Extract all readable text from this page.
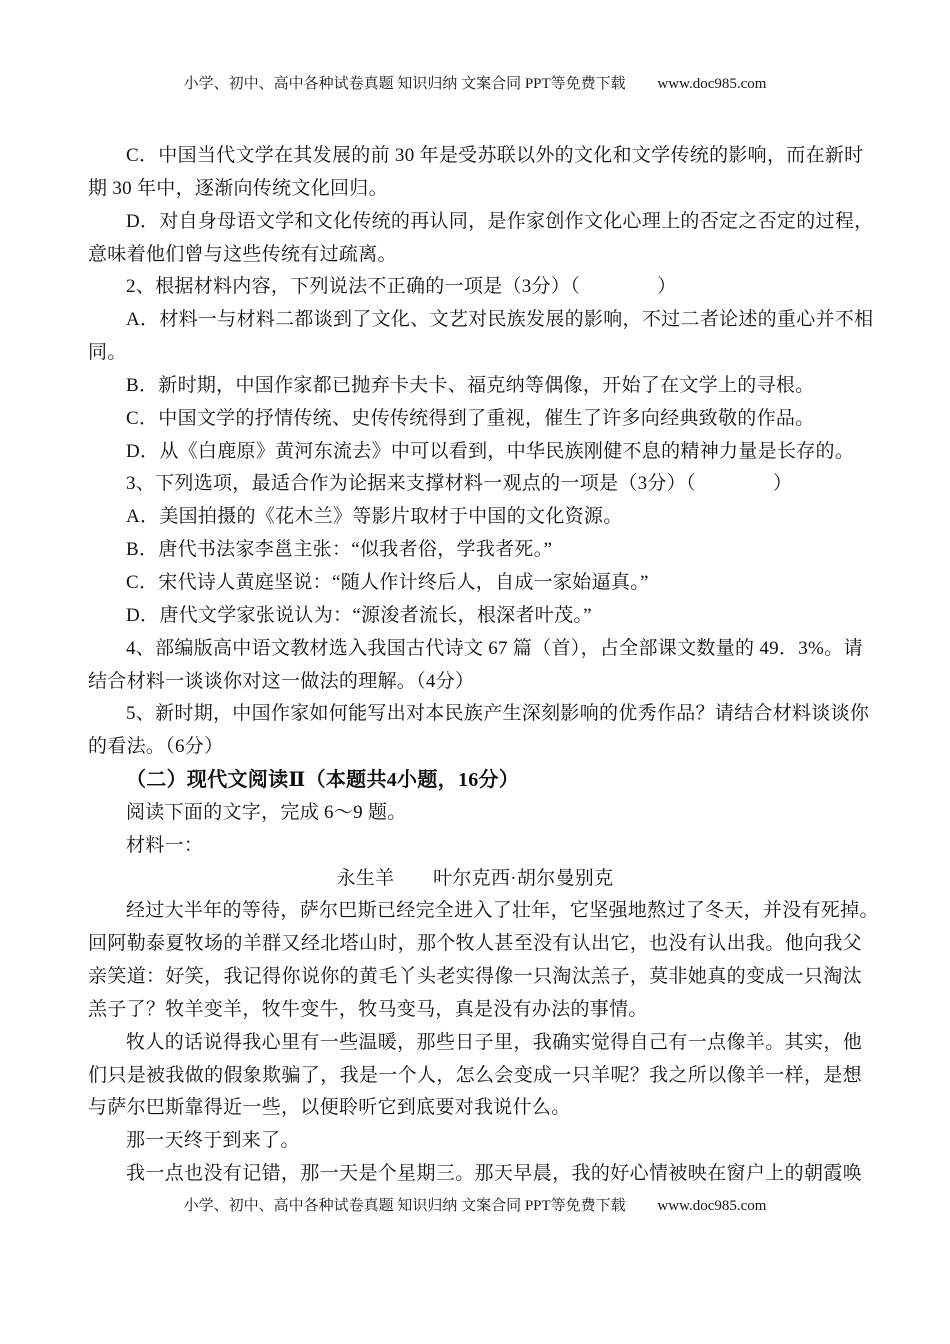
小学、初中、高中各种试卷真题 知识归纳 文案合同 PPT等免费下载 www.doc985.com
C．中国当代文学在其发展的前 30 年是受苏联以外的文化和文学传统的影响，而在新时
期 30 年中，逐渐向传统文化回归。
D．对自身母语文学和文化传统的再认同，是作家创作文化心理上的否定之否定的过程，
意味着他们曾与这些传统有过疏离。
2、根据材料内容，下列说法不正确的一项是（3分）（　　　　）
A．材料一与材料二都谈到了文化、文艺对民族发展的影响，不过二者论述的重心并不相
同。
B．新时期，中国作家都已抛弃卡夫卡、福克纳等偶像，开始了在文学上的寻根。
C．中国文学的抒情传统、史传传统得到了重视，催生了许多向经典致敬的作品。
D．从《白鹿原》黄河东流去》中可以看到，中华民族刚健不息的精神力量是长存的。
3、下列选项，最适合作为论据来支撑材料一观点的一项是（3分）（　　　　）
A．美国拍摄的《花木兰》等影片取材于中国的文化资源。
B．唐代书法家李邕主张：“似我者俗，学我者死。”
C．宋代诗人黄庭坚说：“随人作计终后人，自成一家始逼真。”
D．唐代文学家张说认为：“源浚者流长，根深者叶茂。”
4、部编版高中语文教材选入我国古代诗文 67 篇（首），占全部课文数量的 49．3%。请
结合材料一谈谈你对这一做法的理解。（4分）
5、新时期，中国作家如何能写出对本民族产生深刻影响的优秀作品？请结合材料谈谈你
的看法。（6分）
（二）现代文阅读Ⅱ（本题共4小题，16分）
阅读下面的文字，完成 6～9 题。
材料一：
永生羊　　叶尔克西·胡尔曼别克
经过大半年的等待，萨尔巴斯已经完全进入了壮年，它坚强地熬过了冬天，并没有死掉。
回阿勒泰夏牧场的羊群又经北塔山时，那个牧人甚至没有认出它，也没有认出我。他向我父
亲笑道：好笑，我记得你说你的黄毛丫头老实得像一只淘汰羔子，莫非她真的变成一只淘汰
羔子了？牧羊变羊，牧牛变牛，牧马变马，真是没有办法的事情。
牧人的话说得我心里有一些温暖，那些日子里，我确实觉得自己有一点像羊。其实，他
们只是被我做的假象欺骗了，我是一个人，怎么会变成一只羊呢？我之所以像羊一样，是想
与萨尔巴斯靠得近一些，以便聆听它到底要对我说什么。
那一天终于到来了。
我一点也没有记错，那一天是个星期三。那天早晨，我的好心情被映在窗户上的朝霞唤
小学、初中、高中各种试卷真题 知识归纳 文案合同 PPT等免费下载 www.doc985.com
